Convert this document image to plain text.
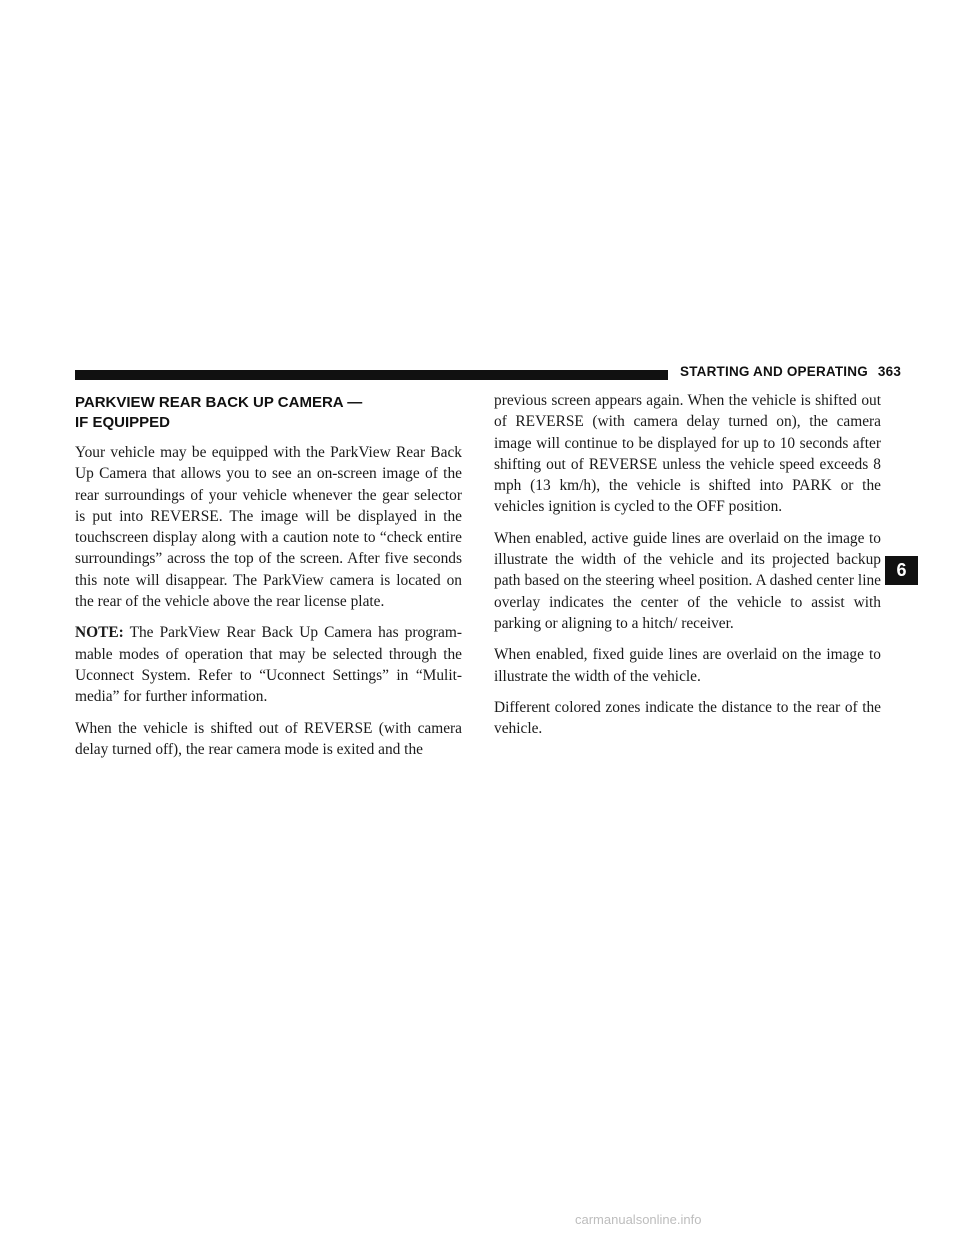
STARTING AND OPERATING 363
PARKVIEW REAR BACK UP CAMERA —
IF EQUIPPED

Your vehicle may be equipped with the ParkView Rear Back Up Camera that allows you to see an on-screen image of the rear surroundings of your vehicle whenever the gear selector is put into REVERSE. The image will be displayed in the touchscreen display along with a caution note to “check entire surroundings” across the top of the screen. After five seconds this note will disappear. The ParkView camera is located on the rear of the vehicle above the rear license plate.

NOTE: The ParkView Rear Back Up Camera has program-mable modes of operation that may be selected through the Uconnect System. Refer to “Uconnect Settings” in “Mulit-media” for further information.

When the vehicle is shifted out of REVERSE (with camera delay turned off), the rear camera mode is exited and the

previous screen appears again. When the vehicle is shifted out of REVERSE (with camera delay turned on), the camera image will continue to be displayed for up to 10 seconds after shifting out of REVERSE unless the vehicle speed exceeds 8 mph (13 km/h), the vehicle is shifted into PARK or the vehicles ignition is cycled to the OFF position.

When enabled, active guide lines are overlaid on the image to illustrate the width of the vehicle and its projected backup path based on the steering wheel position. A dashed center line overlay indicates the center of the vehicle to assist with parking or aligning to a hitch/ receiver.

When enabled, fixed guide lines are overlaid on the image to illustrate the width of the vehicle.

Different colored zones indicate the distance to the rear of the vehicle.

6
carmanualsonline.info
